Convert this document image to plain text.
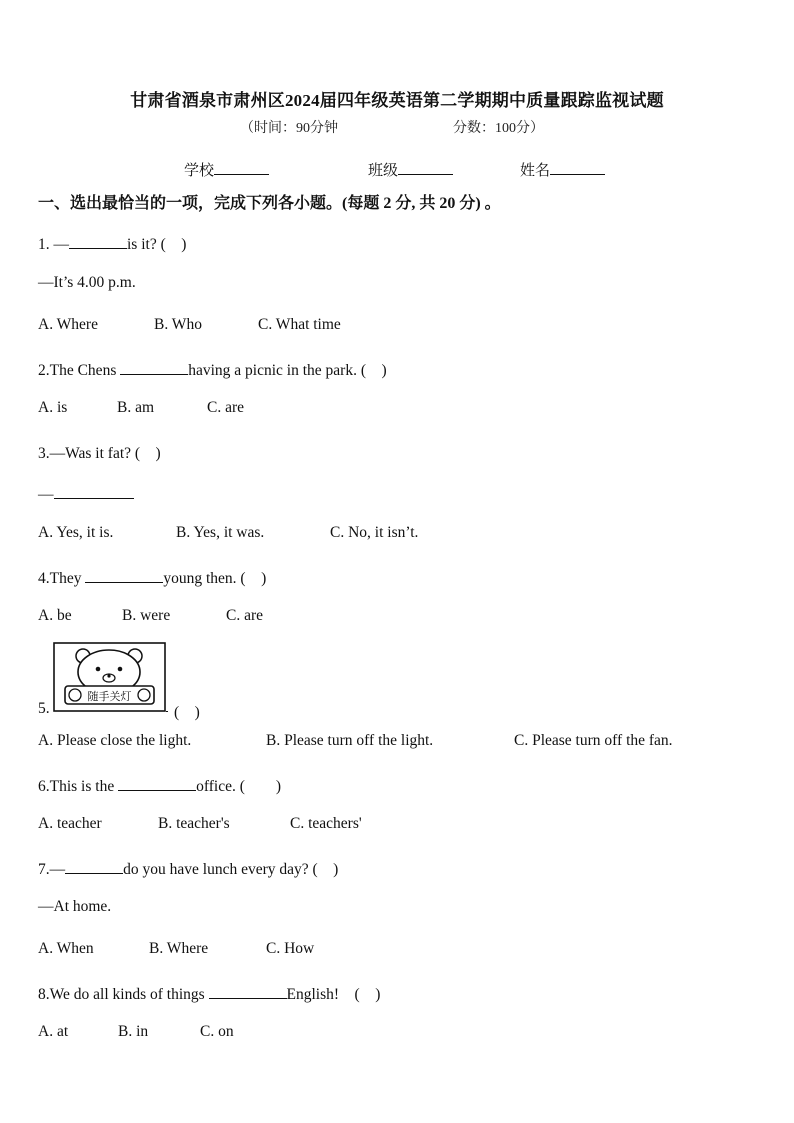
甘肃省酒泉市肃州区2024届四年级英语第二学期期中质量跟踪监视试题
（时间：90分钟	分数：100分）
学校	班级	姓名
一、选出最恰当的一项，完成下列各小题。(每题 2 分, 共 20 分) 。
1. —	is it? (　)
—It’s 4.00 p.m.
A. Where	B. Who	C. What time
2.The Chens	having a picnic in the park. (　)
A. is	B. am	C. are
3.—Was it fat? (　)
—
A. Yes, it is.	B. Yes, it was.	C. No, it isn’t.
4.They	young then. (　)
A. be	B. were	C. are
随手关灯
5.	(　)
A. Please close the light.	B. Please turn off the light.	C. Please turn off the fan.
6.This is the	office. (　　)
A. teacher	B. teacher's	C. teachers'
7.—	do you have lunch every day? (　)
—At home.
A. When	B. Where	C. How
8.We do all kinds of things	English!　(　)
A. at	B. in	C. on
